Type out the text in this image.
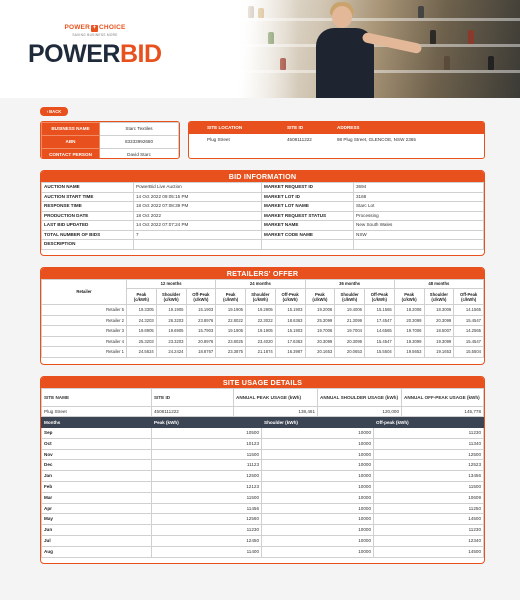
POWER + CHOICE
SAVING BUSINESS MORE
POWERBID
‹ BACK
BUSINESS NAME	Starc Textiles
ABN	83333992680
CONTACT PERSON	David Starc
SITE LOCATION	SITE ID	ADDRESS
Plug Street	4508111222	98 Plug Street, GLENCOE, NSW 2365
BID INFORMATION
AUCTION NAME	PowerBid Live Auction	MARKET REQUEST ID	3694
AUCTION START TIME	14 Oct 2022 09:05:15 PM	MARKET LOT ID	3168
RESPONSE TIME	18 Oct 2022 07:08:39 PM	MARKET LOT NAME	Starc Lot
PRODUCTION DATE	18 Oct 2022	MARKET REQUEST STATUS	Processing
LAST BID UPDATED	14 Oct 2022 07:07:24 PM	MARKET NAME	New South Wales
TOTAL NUMBER OF BIDS	7	MARKET CODE NAME	NSW
DESCRIPTION			
RETAILERS' OFFER
Retailer	12 months			24 months			36 months			48 months		
	Peak (c/kWh)	Shoulder (c/kWh)	Off-Peak (c/kWh)	Peak (c/kWh)	Shoulder (c/kWh)	Off-Peak (c/kWh)	Peak (c/kWh)	Shoulder (c/kWh)	Off-Peak (c/kWh)	Peak (c/kWh)	Shoulder (c/kWh)	Off-Peak (c/kWh)
Retailer 5	19.3305	19.1905	15.1903	19.1905	19.2905	15.1903	19.2006	19.4006	15.1565	18.2006	18.3006	14.1565
Retailer 2	24.3203	26.3203	23.8976	22.8022	22.3022	18.6363	25.3099	21.3099	17.4547	20.3099	20.3099	15.4547
Retailer 3	19.8905	19.6905	15.7903	19.1905	19.1905	15.1903	19.7006	19.7004	14.6565	19.7006	18.5007	14.2565
Retailer 4	25.3203	23.3203	20.8976	23.8025	23.4020	17.6363	20.3099	20.3099	15.4547	19.3099	19.3099	15.4547
Retailer 1	24.5624	24.2424	18.8767	23.3875	21.1874	16.3987	20.1653	20.0653	15.5504	19.5653	19.1653	15.5504
SITE USAGE DETAILS
SITE NAME	SITE ID	ANNUAL PEAK USAGE (kWh)	ANNUAL SHOULDER USAGE (kWh)	ANNUAL OFF-PEAK USAGE (kWh)
Plug Street	4508111222	138,461	120,000	145,778
Months	Peak (kWh)	Shoulder (kWh)	Off-peak (kWh)
Sep	10500	10000	11230
Oct	10123	10000	11340
Nov	11500	10000	12500
Dec	11123	10000	12523
Jan	12500	10000	13456
Feb	12123	10000	11500
Mar	11500	10000	10609
Apr	11456	10000	11250
May	12560	10000	14500
Jun	11230	10000	11230
Jul	12450	10000	12340
Aug	11400	10000	14500
